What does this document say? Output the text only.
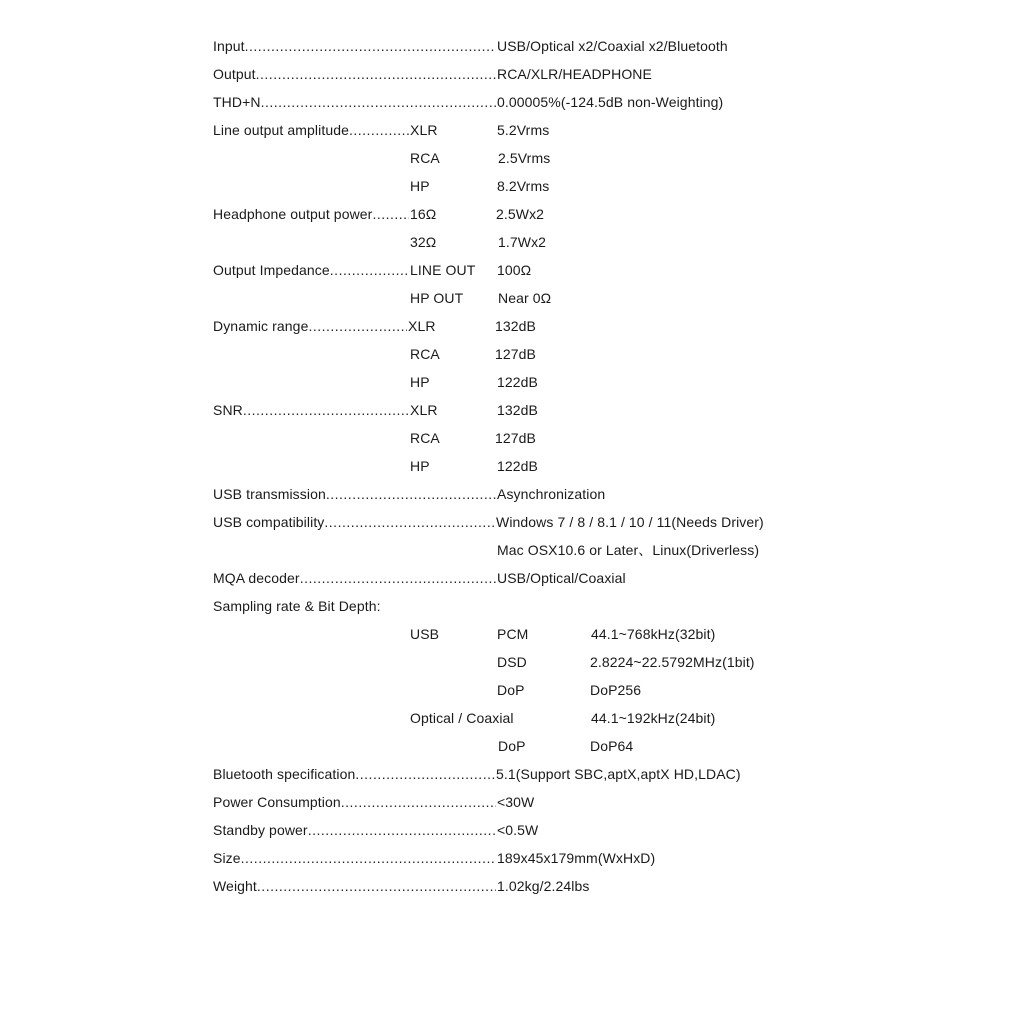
Input .....	USB/Optical x2/Coaxial x2/Bluetooth
Output .....	RCA/XLR/HEADPHONE
THD+N .....	0.00005%(-124.5dB non-Weighting)
Line output amplitude .....	XLR	5.2Vrms
RCA	2.5Vrms
HP	8.2Vrms
Headphone output power .....	16Ω	2.5Wx2
32Ω	1.7Wx2
Output Impedance .....	LINE OUT 100Ω
HP OUT Near 0Ω
Dynamic range .....	XLR	132dB
RCA	127dB
HP	122dB
SNR .....	XLR	132dB
RCA	127dB
HP	122dB
USB transmission .....	Asynchronization
USB compatibility .....	Windows 7 / 8 / 8.1 / 10 / 11(Needs Driver)
Mac OSX10.6 or Later、Linux(Driverless)
MQA decoder .....	USB/Optical/Coaxial
Sampling rate & Bit Depth:
USB	PCM	44.1~768kHz(32bit)
DSD	2.8224~22.5792MHz(1bit)
DoP	DoP256
Optical / Coaxial	44.1~192kHz(24bit)
DoP	DoP64
Bluetooth specification .....	5.1(Support SBC,aptX,aptX HD,LDAC)
Power Consumption .....	<30W
Standby power .....	<0.5W
Size .....	189x45x179mm(WxHxD)
Weight .....	1.02kg/2.24lbs
